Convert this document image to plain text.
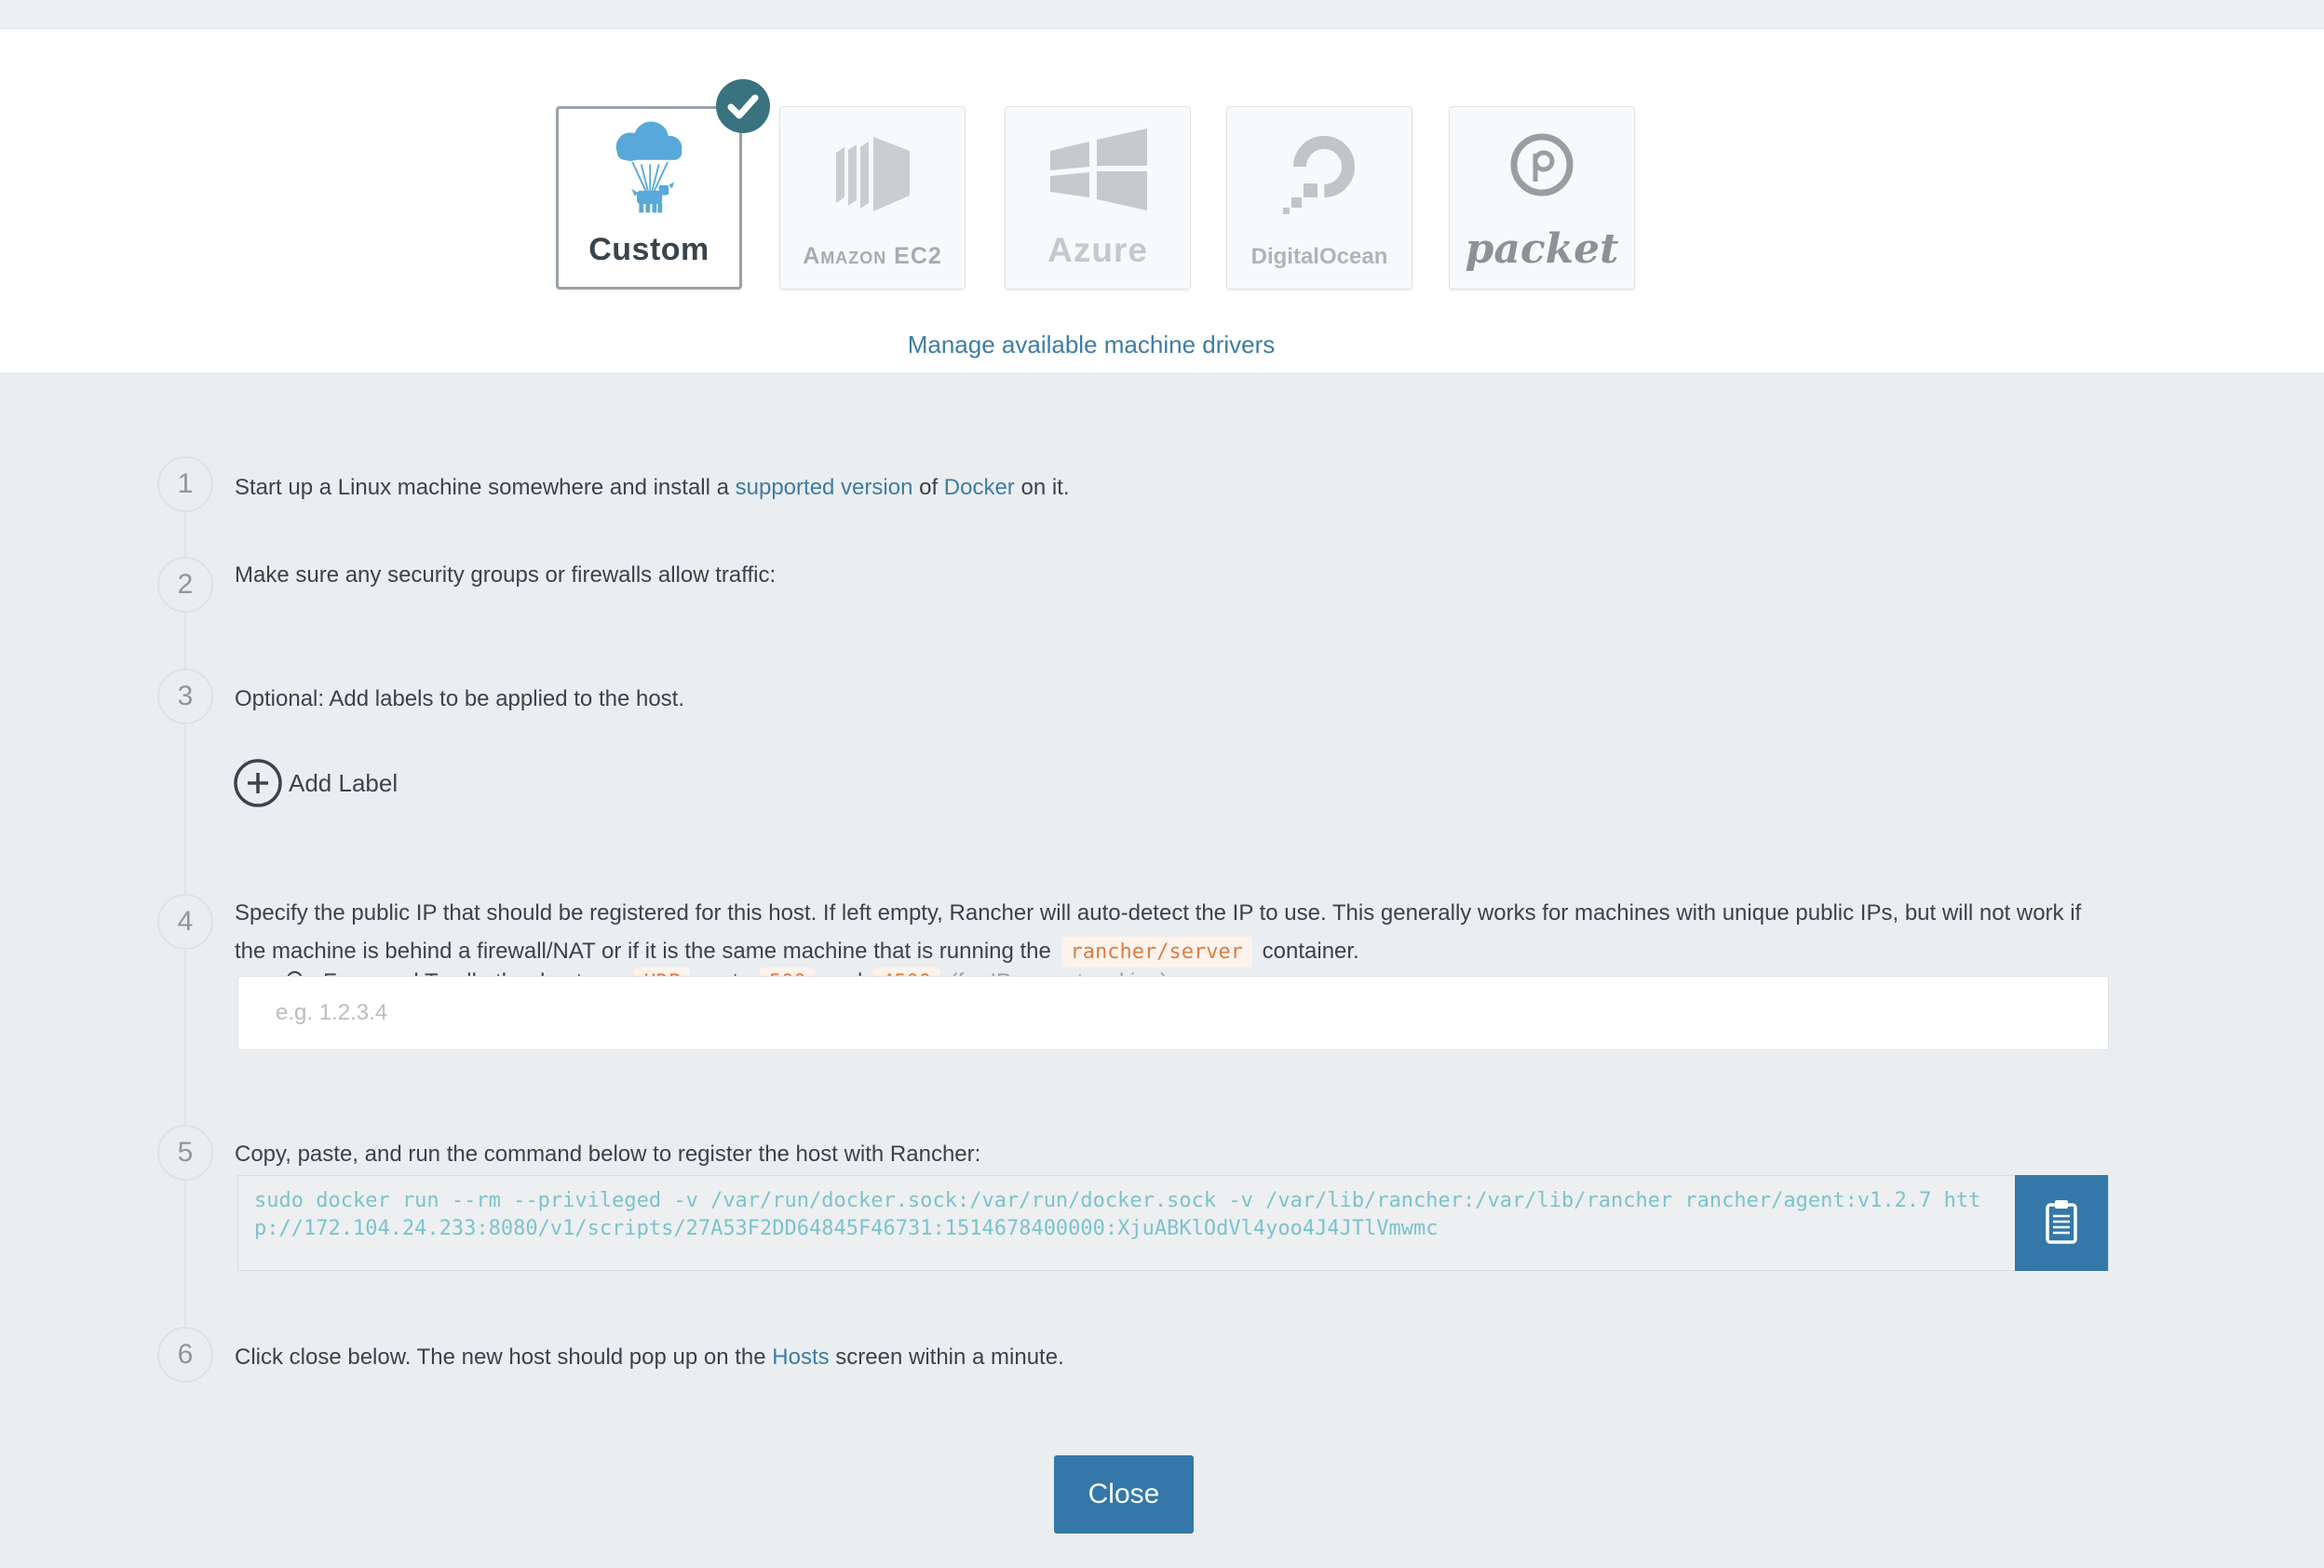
Custom	Amazon EC2	Azure	DigitalOcean packet
Manage available machine drivers
1
2
3
4
5
6
Start up a Linux machine somewhere and install a supported version of Docker on it.
Make sure any security groups or firewalls allow traffic:
Optional: Add labels to be applied to the host.
Add Label
Specify the public IP that should be registered for this host. If left empty, Rancher will auto-detect the IP to use. This generally works for machines with unique public IPs, but will not work if the machine is behind a firewall/NAT or if it is the same machine that is running the rancher/server container.
e.g. 1.2.3.4
Copy, paste, and run the command below to register the host with Rancher:
sudo docker run --rm --privileged -v /var/run/docker.sock:/var/run/docker.sock -v /var/lib/rancher:/var/lib/rancher rancher/agent:v1.2.7 http://172.104.24.233:8080/v1/scripts/27A53F2DD64845F46731:1514678400000:XjuABKlOdVl4yoo4J4JTlVmwmc
Click close below. The new host should pop up on the Hosts screen within a minute.
Close
